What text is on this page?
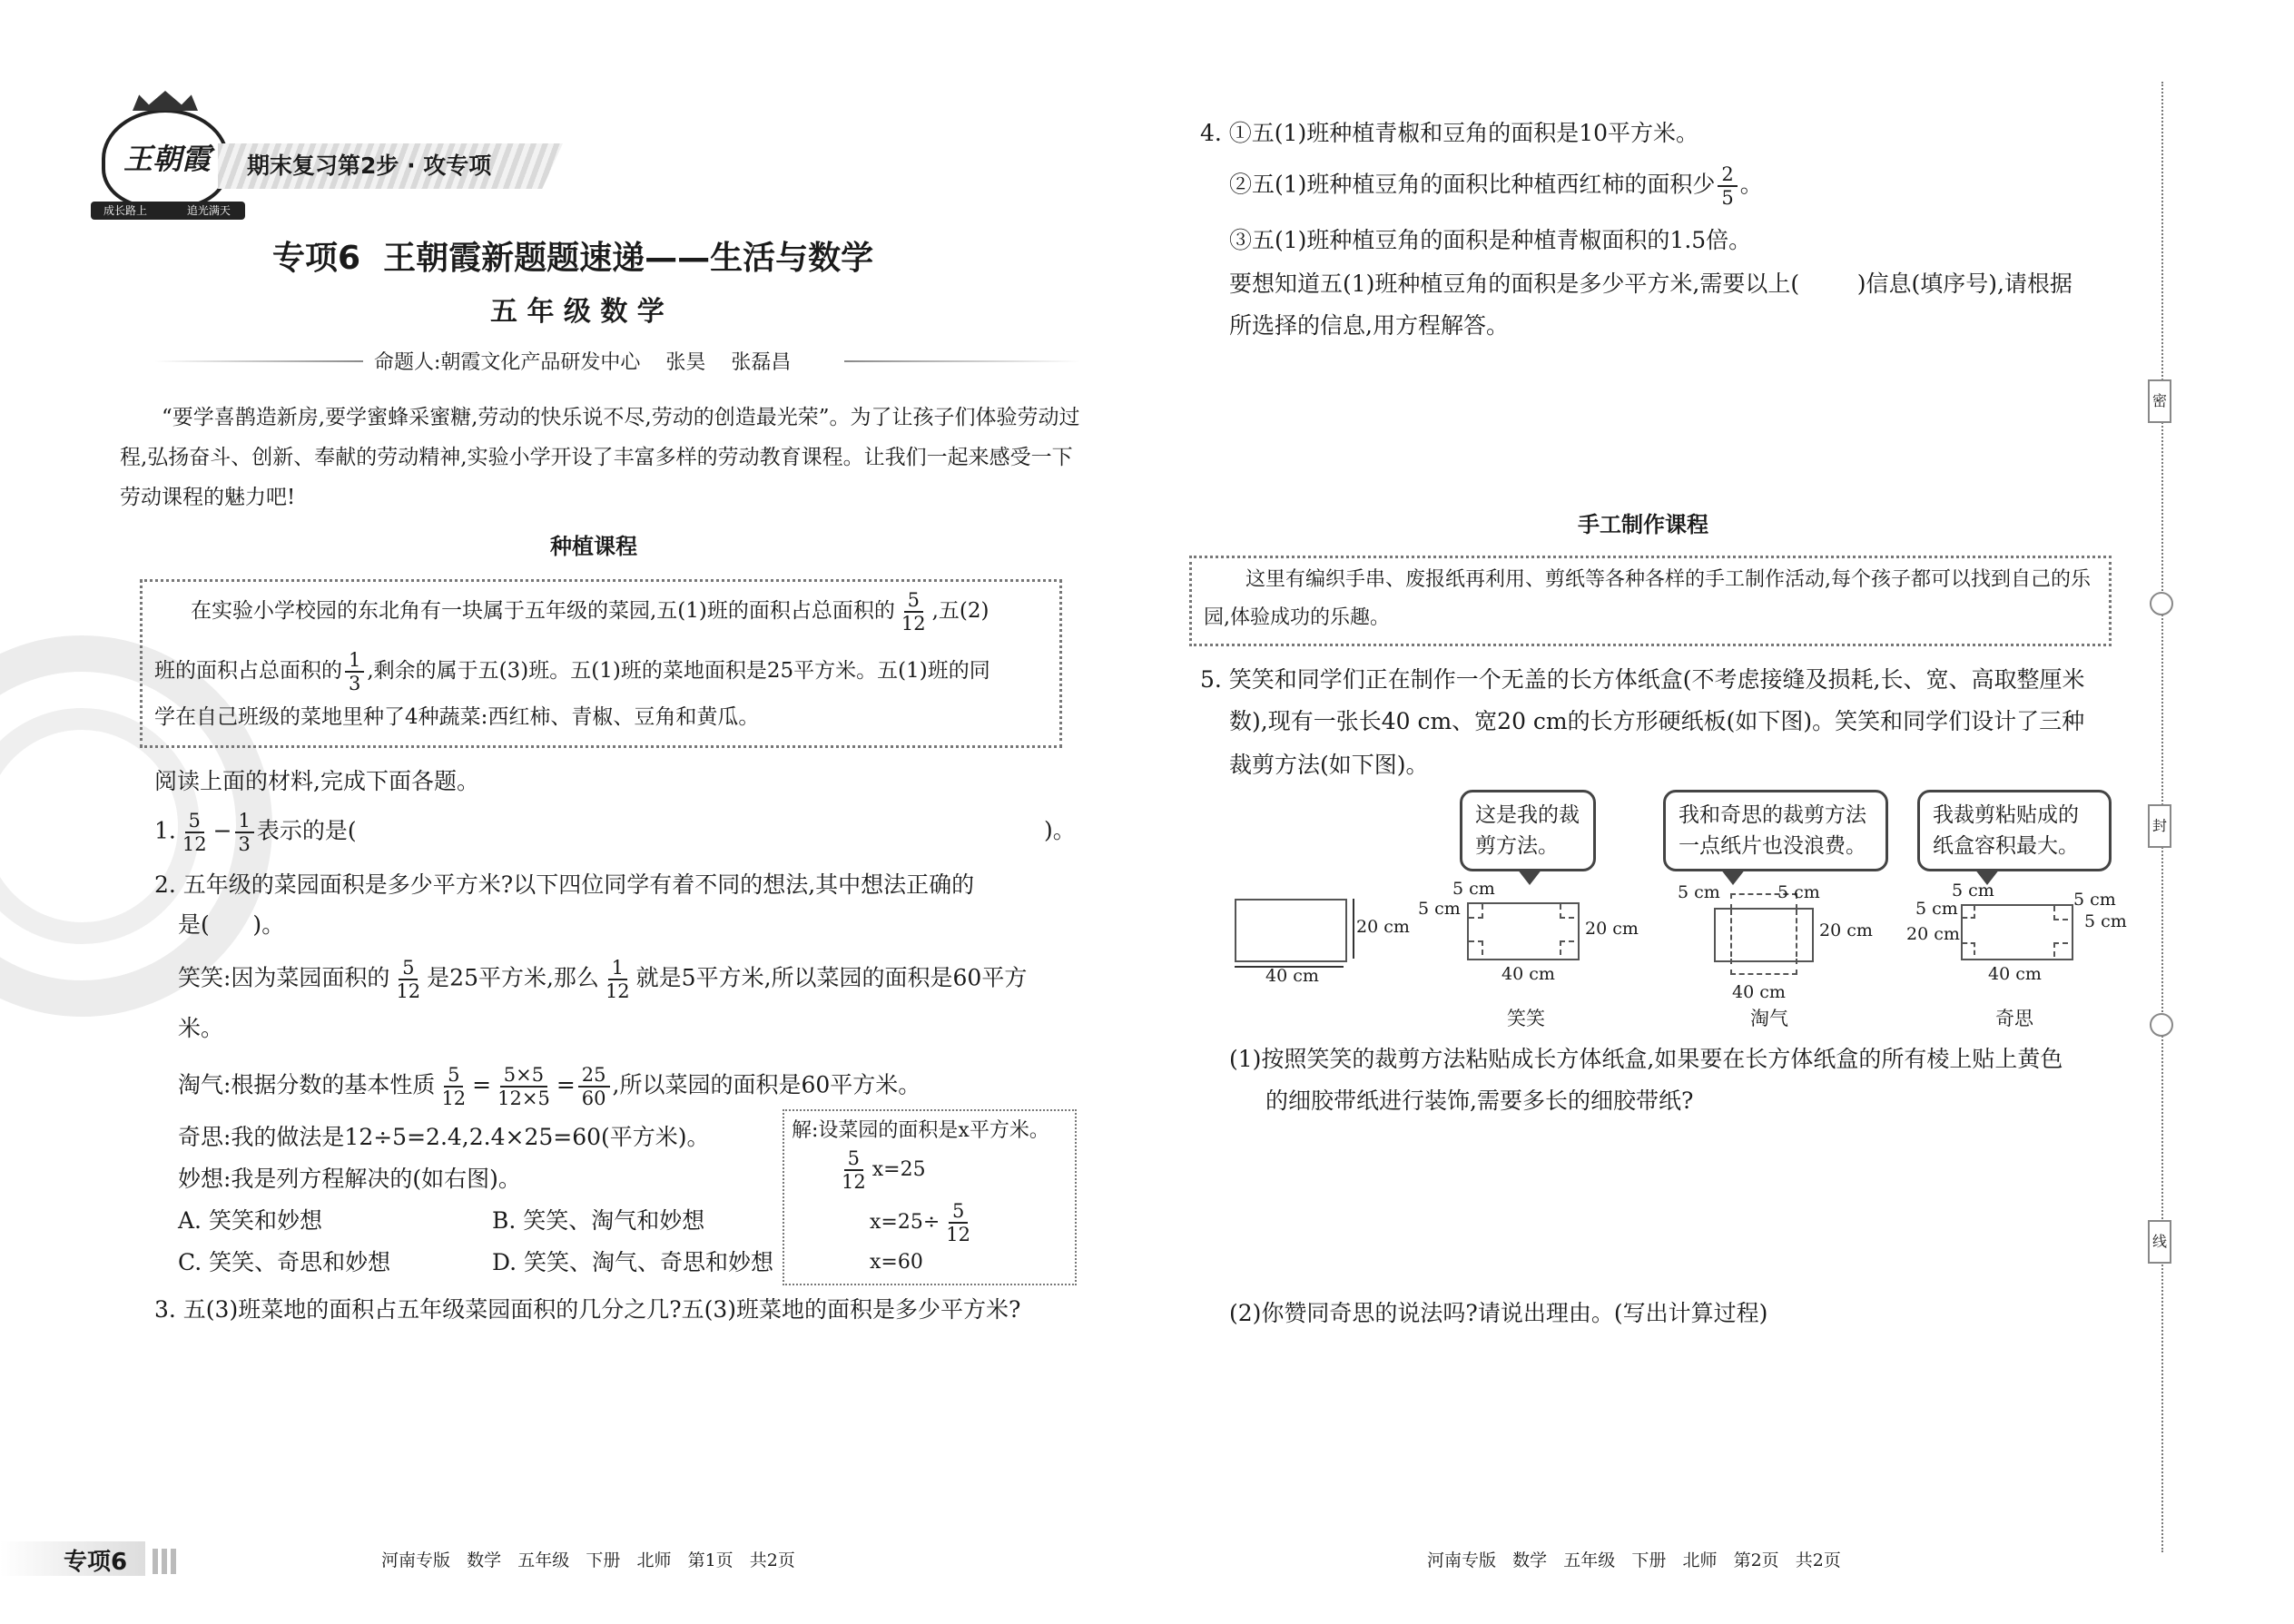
王朝霞
成长路上	追光满天
期末复习第2步 · 攻专项
专项6  王朝霞新题题速递——生活与数学
五 年 级 数 学
命题人:朝霞文化产品研发中心    张昊    张磊昌
“要学喜鹊造新房,要学蜜蜂采蜜糖,劳动的快乐说不尽,劳动的创造最光荣”。为了让孩子们体验劳动过程,弘扬奋斗、创新、奉献的劳动精神,实验小学开设了丰富多样的劳动教育课程。让我们一起来感受一下劳动课程的魅力吧!
种植课程
在实验小学校园的东北角有一块属于五年级的菜园,五(1)班的面积占总面积的 $\frac{5}{12}$ ,五(2)
班的面积占总面积的 $\frac{1}{3}$ ,剩余的属于五(3)班。五(1)班的菜地面积是25平方米。五(1)班的同
学在自己班级的菜地里种了4种蔬菜:西红柿、青椒、豆角和黄瓜。
阅读上面的材料,完成下面各题。
1. $\frac{5}{12} - \frac{1}{3}$ 表示的是(	)。
2. 五年级的菜园面积是多少平方米?以下四位同学有着不同的想法,其中想法正确的
是(      )。
笑笑:因为菜园面积的 $\frac{5}{12}$ 是25平方米,那么 $\frac{1}{12}$ 就是5平方米,所以菜园的面积是60平方
米。
淘气:根据分数的基本性质 $\frac{5}{12} = \frac{5\times 5}{12\times 5} = \frac{25}{60}$ ,所以菜园的面积是60平方米。
奇思:我的做法是12÷5=2.4,2.4×25=60(平方米)。
妙想:我是列方程解决的(如右图)。
A. 笑笑和妙想	B. 笑笑、淘气和妙想
C. 笑笑、奇思和妙想	D. 笑笑、淘气、奇思和妙想
解:设菜园的面积是x平方米。
$\frac{5}{12} x=25$
$x=25\div \frac{5}{12}$
x=60
3. 五(3)班菜地的面积占五年级菜园面积的几分之几?五(3)班菜地的面积是多少平方米?
专项6	河南专版   数学   五年级   下册   北师   第1页   共2页
4. ①五(1)班种植青椒和豆角的面积是10平方米。
②五(1)班种植豆角的面积比种植西红柿的面积少 $\frac{2}{5}$ 。
③五(1)班种植豆角的面积是种植青椒面积的1.5倍。
要想知道五(1)班种植豆角的面积是多少平方米,需要以上(        )信息(填序号),请根据
所选择的信息,用方程解答。
手工制作课程
这里有编织手串、废报纸再利用、剪纸等各种各样的手工制作活动,每个孩子都可以找到自己的乐园,体验成功的乐趣。
5. 笑笑和同学们正在制作一个无盖的长方体纸盒(不考虑接缝及损耗,长、宽、高取整厘米
数),现有一张长40 cm、宽20 cm的长方形硬纸板(如下图)。笑笑和同学们设计了三种
裁剪方法(如下图)。
这是我的裁剪方法。
我和奇思的裁剪方法一点纸片也没浪费。
我裁剪粘贴成的纸盒容积最大。
20 cm
40 cm
5 cm
5 cm
20 cm
40 cm
笑笑
5 cm	5 cm
20 cm
40 cm
淘气
5 cm
5 cm
20 cm
5 cm
5 cm
40 cm
奇思
(1)按照笑笑的裁剪方法粘贴成长方体纸盒,如果要在长方体纸盒的所有棱上贴上黄色
的细胶带纸进行装饰,需要多长的细胶带纸?
(2)你赞同奇思的说法吗?请说出理由。(写出计算过程)
河南专版   数学   五年级   下册   北师   第2页   共2页
密
封
线
